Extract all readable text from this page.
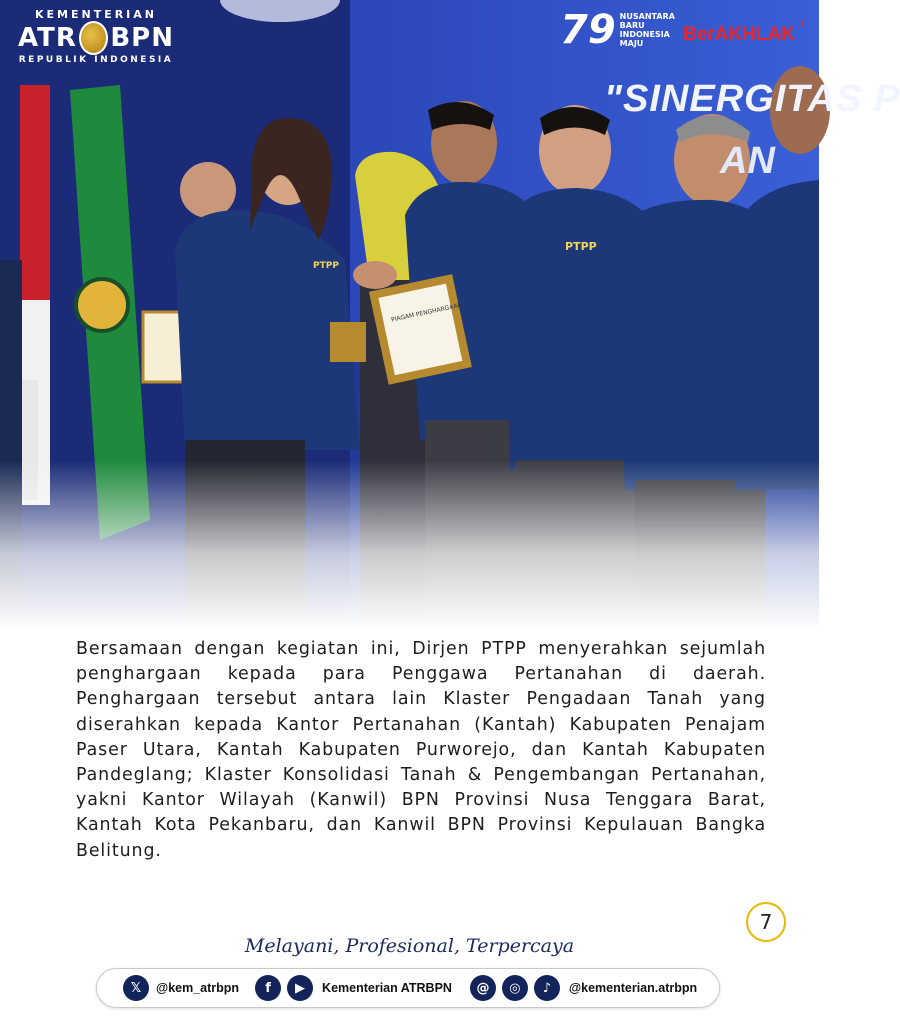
PIAGAM PENGHARGAAN
PTPP
PTPP
"SINERGITAS P
AN
KEMENTERIAN
ATR BPN
REPUBLIK INDONESIA
79 NUSANTARA
BARU
INDONESIA
MAJU	BerAKHLAK
›
Bersamaan dengan kegiatan ini, Dirjen PTPP menyerahkan sejumlah penghargaan kepada para Penggawa Pertanahan di daerah. Penghargaan tersebut antara lain Klaster Pengadaan Tanah yang diserahkan kepada Kantor Pertanahan (Kantah) Kabupaten Penajam Paser Utara, Kantah Kabupaten Purworejo, dan Kantah Kabupaten Pandeglang; Klaster Konsolidasi Tanah & Pengembangan Pertanahan, yakni Kantor Wilayah (Kanwil) BPN Provinsi Nusa Tenggara Barat, Kantah Kota Pekanbaru, dan Kanwil BPN Provinsi Kepulauan Bangka Belitung.
7
Melayani, Profesional, Terpercaya
𝕏	@kem_atrbpn	f	▶	Kementerian ATRBPN	@	◎	♪	@kementerian.atrbpn
